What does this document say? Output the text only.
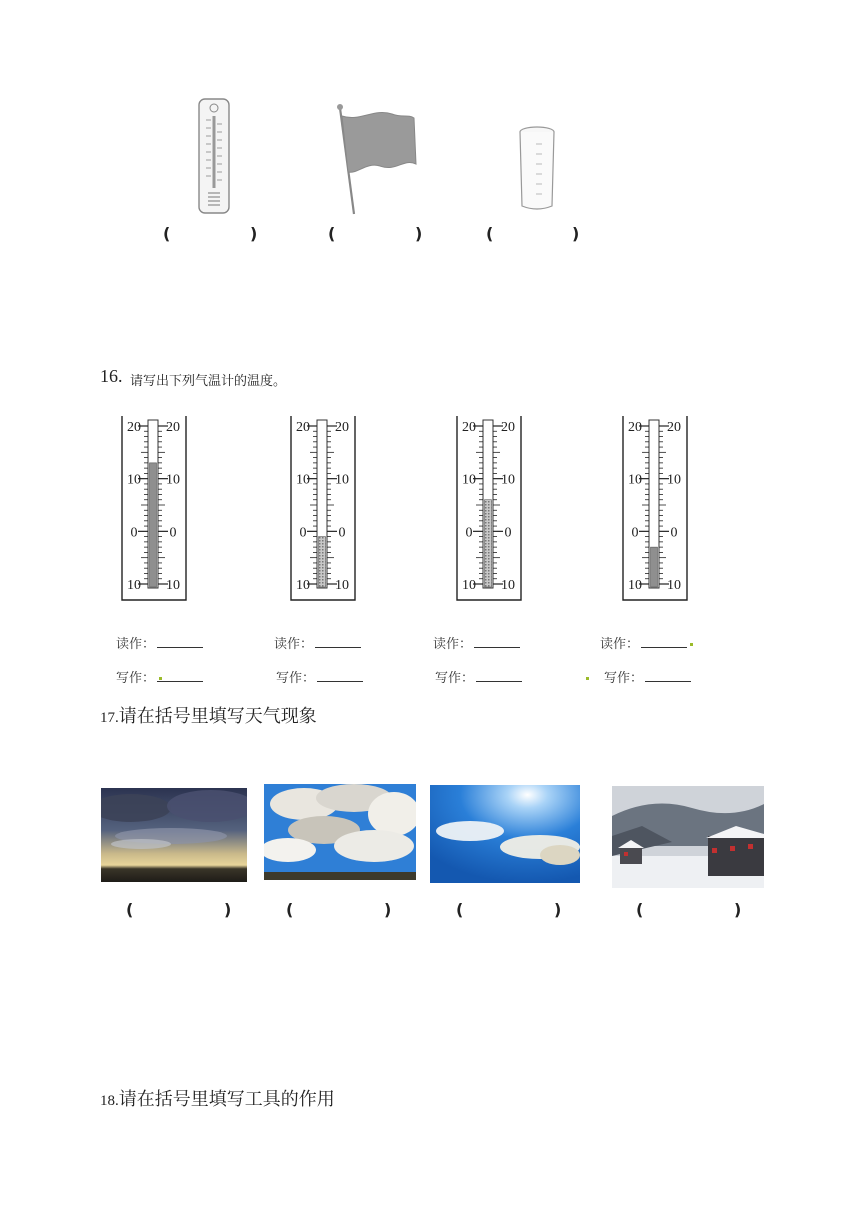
(	)	(	)	(	)
16. 请写出下列气温计的温度。
20 20
10 10
0 0
10 10
20 20
10 10
0 0
10 10
20 20
10 10
0 0
10 10
20 20
10 10
0 0
10 10
读作：	读作：	读作：	读作：
写作：	写作：	写作：	写作：
17.请在括号里填写天气现象
(	)	(	)	(	)	(	)
18.请在括号里填写工具的作用
